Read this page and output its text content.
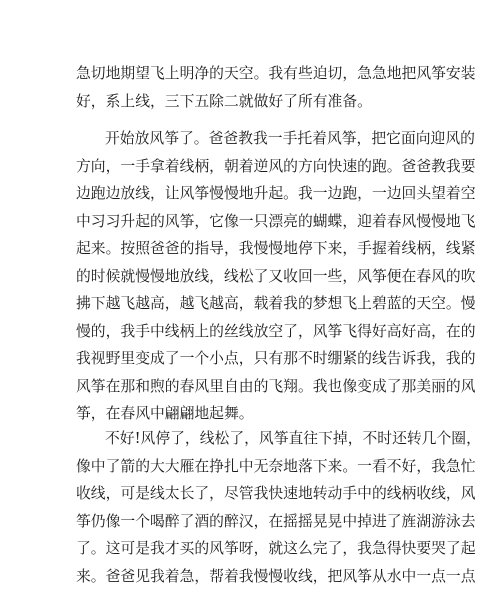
急切地期望飞上明净的天空。我有些迫切，急急地把风筝安装
好，系上线，三下五除二就做好了所有准备。
开始放风筝了。爸爸教我一手托着风筝，把它面向迎风的
方向，一手拿着线柄，朝着逆风的方向快速的跑。爸爸教我要
边跑边放线，让风筝慢慢地升起。我一边跑，一边回头望着空
中习习升起的风筝，它像一只漂亮的蝴蝶，迎着春风慢慢地飞
起来。按照爸爸的指导，我慢慢地停下来，手握着线柄，线紧
的时候就慢慢地放线，线松了又收回一些，风筝便在春风的吹
拂下越飞越高，越飞越高，载着我的梦想飞上碧蓝的天空。慢
慢的，我手中线柄上的丝线放空了，风筝飞得好高好高，在的
我视野里变成了一个小点，只有那不时绷紧的线告诉我，我的
风筝在那和煦的春风里自由的飞翔。我也像变成了那美丽的风
筝，在春风中翩翩地起舞。
不好!风停了，线松了，风筝直往下掉，不时还转几个圈，
像中了箭的大大雁在挣扎中无奈地落下来。一看不好，我急忙
收线，可是线太长了，尽管我快速地转动手中的线柄收线，风
筝仍像一个喝醉了酒的醉汉，在摇摇晃晃中掉进了旌湖游泳去
了。这可是我才买的风筝呀，就这么完了，我急得快要哭了起
来。爸爸见我着急，帮着我慢慢收线，把风筝从水中一点一点
